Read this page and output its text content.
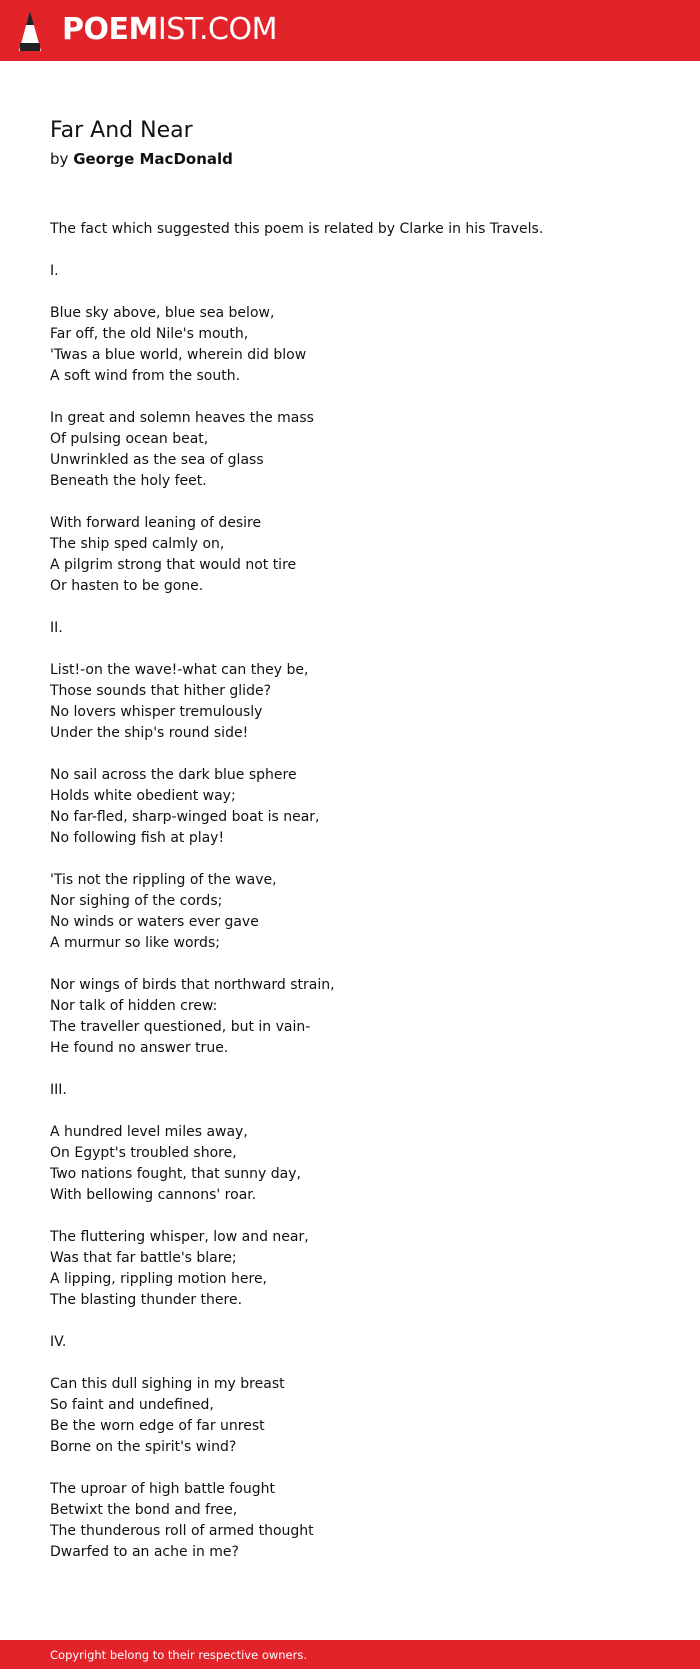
POEMIST.COM
Far And Near
by George MacDonald
The fact which suggested this poem is related by Clarke in his Travels.
I.
Blue sky above, blue sea below,
Far off, the old Nile's mouth,
'Twas a blue world, wherein did blow
A soft wind from the south.
In great and solemn heaves the mass
Of pulsing ocean beat,
Unwrinkled as the sea of glass
Beneath the holy feet.
With forward leaning of desire
The ship sped calmly on,
A pilgrim strong that would not tire
Or hasten to be gone.
II.
List!-on the wave!-what can they be,
Those sounds that hither glide?
No lovers whisper tremulously
Under the ship's round side!
No sail across the dark blue sphere
Holds white obedient way;
No far-fled, sharp-winged boat is near,
No following fish at play!
'Tis not the rippling of the wave,
Nor sighing of the cords;
No winds or waters ever gave
A murmur so like words;
Nor wings of birds that northward strain,
Nor talk of hidden crew:
The traveller questioned, but in vain-
He found no answer true.
III.
A hundred level miles away,
On Egypt's troubled shore,
Two nations fought, that sunny day,
With bellowing cannons' roar.
The fluttering whisper, low and near,
Was that far battle's blare;
A lipping, rippling motion here,
The blasting thunder there.
IV.
Can this dull sighing in my breast
So faint and undefined,
Be the worn edge of far unrest
Borne on the spirit's wind?
The uproar of high battle fought
Betwixt the bond and free,
The thunderous roll of armed thought
Dwarfed to an ache in me?
Copyright belong to their respective owners.
